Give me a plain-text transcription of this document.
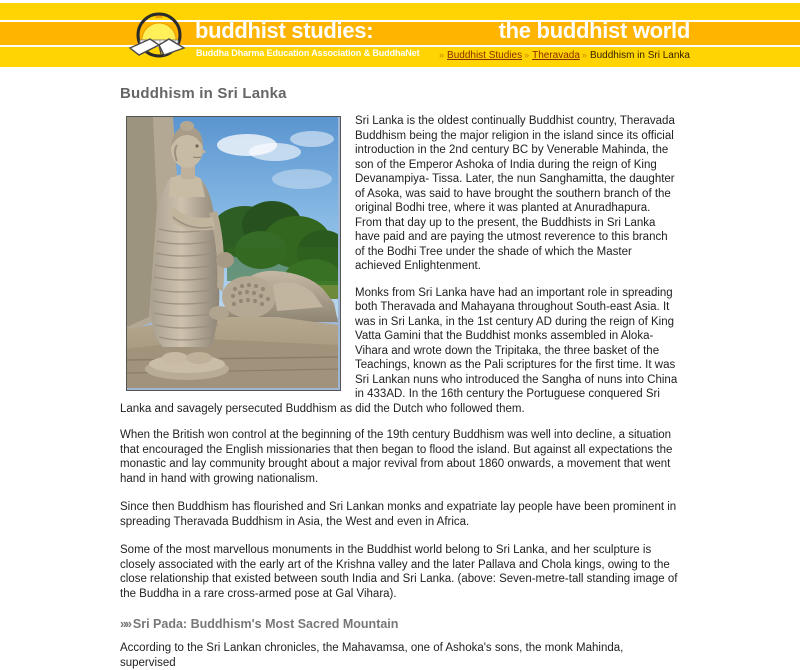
buddhist studies:	the buddhist world
Buddha Dharma Education Association & BuddhaNet » Buddhist Studies » Theravada » Buddhism in Sri Lanka
Buddhism in Sri Lanka

Sri Lanka is the oldest continually Buddhist country, Theravada Buddhism being the major religion in the island since its official introduction in the 2nd century BC by Venerable Mahinda, the son of the Emperor Ashoka of India during the reign of King Devanampiya- Tissa. Later, the nun Sanghamitta, the daughter of Asoka, was said to have brought the southern branch of the original Bodhi tree, where it was planted at Anuradhapura. From that day up to the present, the Buddhists in Sri Lanka have paid and are paying the utmost reverence to this branch of the Bodhi Tree under the shade of which the Master achieved Enlightenment.

Monks from Sri Lanka have had an important role in spreading both Theravada and Mahayana throughout South-east Asia. It was in Sri Lanka, in the 1st century AD during the reign of King Vatta Gamini that the Buddhist monks assembled in Aloka-Vihara and wrote down the Tripitaka, the three basket of the Teachings, known as the Pali scriptures for the first time. It was Sri Lankan nuns who introduced the Sangha of nuns into China in 433AD. In the 16th century the Portuguese conquered Sri Lanka and savagely persecuted Buddhism as did the Dutch who followed them.

When the British won control at the beginning of the 19th century Buddhism was well into decline, a situation that encouraged the English missionaries that then began to flood the island. But against all expectations the monastic and lay community brought about a major revival from about 1860 onwards, a movement that went hand in hand with growing nationalism.

Since then Buddhism has flourished and Sri Lankan monks and expatriate lay people have been prominent in spreading Theravada Buddhism in Asia, the West and even in Africa.

Some of the most marvellous monuments in the Buddhist world belong to Sri Lanka, and her sculpture is closely associated with the early art of the Krishna valley and the later Pallava and Chola kings, owing to the close relationship that existed between south India and Sri Lanka. (above: Seven-metre-tall standing image of the Buddha in a rare cross-armed pose at Gal Vihara).

»» Sri Pada: Buddhism's Most Sacred Mountain

According to the Sri Lankan chronicles, the Mahavamsa, one of Ashoka's sons, the monk Mahinda, supervised
